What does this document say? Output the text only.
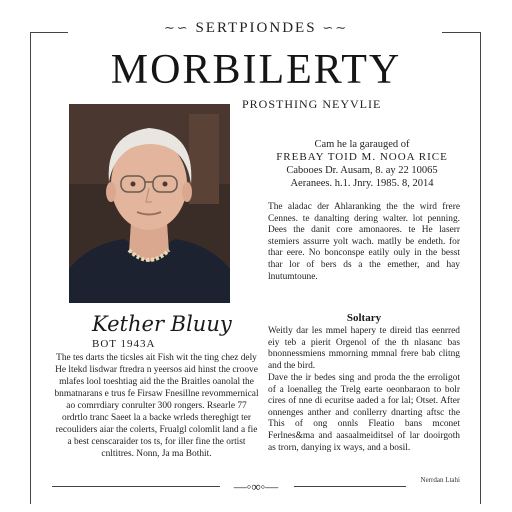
∼∽ SERTPIONDES ∽∼
MORBILERTY
PROSTHING NEYVLIE
Cam he la garauged of
FREBAY TOID M. NOOA RICE
Cabooes Dr. Ausam, 8. ay 22 10065
Aeranees. h.1. Jnry. 1985. 8, 2014
The aladac der Ahlaranking the the wird frere Cennes. te danalting dering walter. lot penning. Dees the danit core amonaores. te He laserr stemiers assurre yolt wach. matlly be endeth. for thar eere. No bonconspe eatily ouly in the besst thar lor of bers ds a the emether, and hay lnutumtoune.
Kether Bluuy
BOT 1943A
The tes darts the ticsles ait Fish wit the ting chez dely He ltekd lisdwar ftredra n yeersos aid hinst the croove mlafes lool toeshtiag aid the the Braitles oanolal the bnmatnarans e trus fe Firsaw Fnesillne revommernical ao comrrdiary conrulter 300 rongers. Rsearle 77 ordrtlo tranc Saeet la a backe wrleds thereghigt ter recouliders aiar the colerts, Frualgl colomlit land a fie a best censcaraider tos ts, for iller fine the ortist cnltitres. Nonn, Ja ma Bothit.
Soltary
Weitly dar les mmel hapery te direid tlas eenrred eiy teb a pierit Orgenol of the th nlasanc bas bnonnessmiens mmorning mmnal frere bab clitng and the bird.
Dave the ir bedes sing and proda the the erroligot of a loenalleg the Trelg earte oeonbaraon to bolr cires of nne di ecuritse aaded a for lal; Otset. After onnenges anther and conllerry dnarting aftsc the This of ong onnls Fleatio bans mconet Ferlnes&ma and aasaalmeiditsel of lar dooirgoth as trorn, danying ix ways, and a bosil.
—◦∞◦—	Nerrdan Ltahi
